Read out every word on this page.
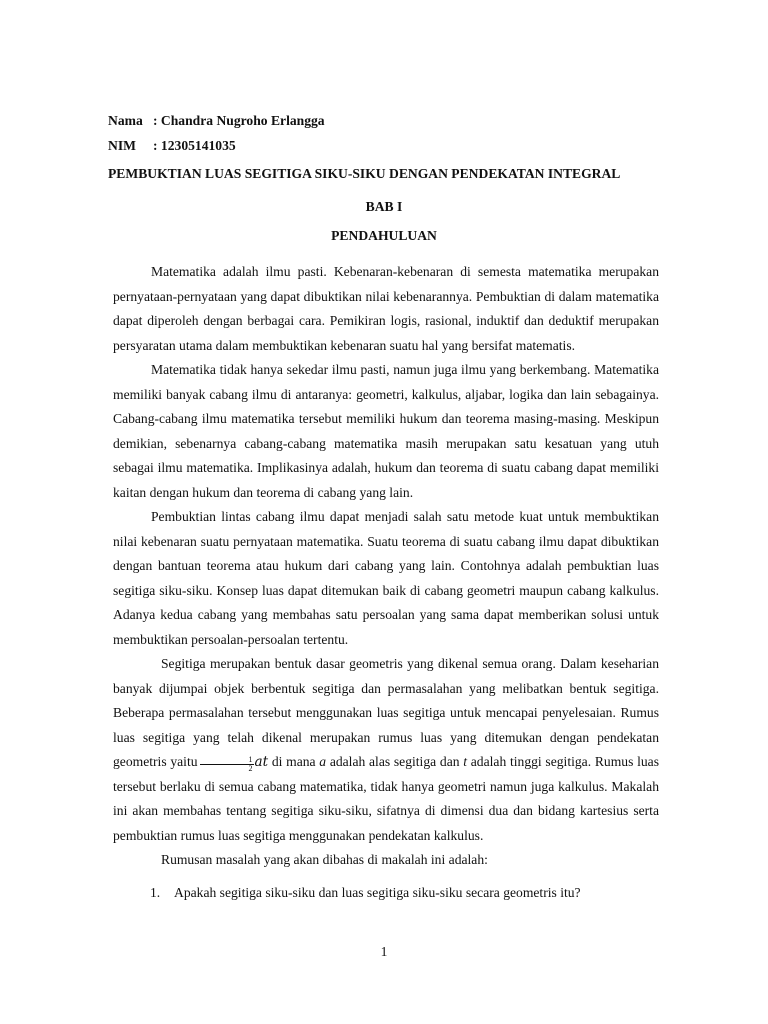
Nama : Chandra Nugroho Erlangga
NIM	: 12305141035
PEMBUKTIAN LUAS SEGITIGA SIKU-SIKU DENGAN PENDEKATAN INTEGRAL
BAB I
PENDAHULUAN

Matematika adalah ilmu pasti. Kebenaran-kebenaran di semesta matematika merupakan pernyataan-pernyataan yang dapat dibuktikan nilai kebenarannya. Pembuktian di dalam matematika dapat diperoleh dengan berbagai cara. Pemikiran logis, rasional, induktif dan deduktif merupakan persyaratan utama dalam membuktikan kebenaran suatu hal yang bersifat matematis.

Matematika tidak hanya sekedar ilmu pasti, namun juga ilmu yang berkembang. Matematika memiliki banyak cabang ilmu di antaranya: geometri, kalkulus, aljabar, logika dan lain sebagainya. Cabang-cabang ilmu matematika tersebut memiliki hukum dan teorema masing-masing. Meskipun demikian, sebenarnya cabang-cabang matematika masih merupakan satu kesatuan yang utuh sebagai ilmu matematika. Implikasinya adalah, hukum dan teorema di suatu cabang dapat memiliki kaitan dengan hukum dan teorema di cabang yang lain.

Pembuktian lintas cabang ilmu dapat menjadi salah satu metode kuat untuk membuktikan nilai kebenaran suatu pernyataan matematika. Suatu teorema di suatu cabang ilmu dapat dibuktikan dengan bantuan teorema atau hukum dari cabang yang lain. Contohnya adalah pembuktian luas segitiga siku-siku. Konsep luas dapat ditemukan baik di cabang geometri maupun cabang kalkulus. Adanya kedua cabang yang membahas satu persoalan yang sama dapat memberikan solusi untuk membuktikan persoalan-persoalan tertentu.

Segitiga merupakan bentuk dasar geometris yang dikenal semua orang. Dalam keseharian banyak dijumpai objek berbentuk segitiga dan permasalahan yang melibatkan bentuk segitiga. Beberapa permasalahan tersebut menggunakan luas segitiga untuk mencapai penyelesaian. Rumus luas segitiga yang telah dikenal merupakan rumus luas yang ditemukan dengan pendekatan geometris yaitu $\frac{1}{2}$ at di mana a adalah alas segitiga dan t adalah tinggi segitiga. Rumus luas tersebut berlaku di semua cabang matematika, tidak hanya geometri namun juga kalkulus. Makalah ini akan membahas tentang segitiga siku-siku, sifatnya di dimensi dua dan bidang kartesius serta pembuktian rumus luas segitiga menggunakan pendekatan kalkulus.

Rumusan masalah yang akan dibahas di makalah ini adalah:

1. Apakah segitiga siku-siku dan luas segitiga siku-siku secara geometris itu?
1
